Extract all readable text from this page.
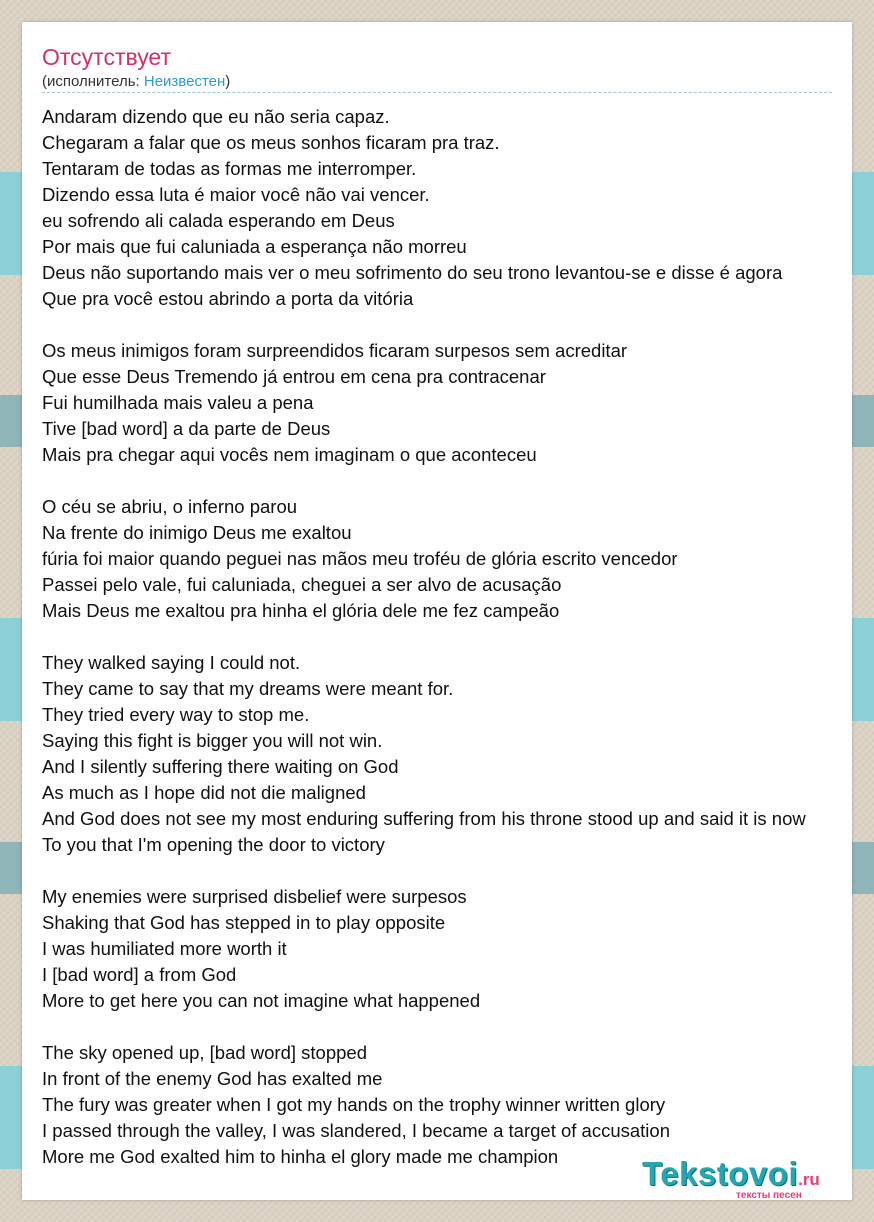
Отсутствует
(исполнитель: Неизвестен)
Andaram dizendo que eu não seria capaz.
Chegaram a falar que os meus sonhos ficaram pra traz.
Tentaram de todas as formas me interromper.
Dizendo essa luta é maior você não vai vencer.
eu sofrendo ali calada esperando em Deus
Por mais que fui caluniada a esperança não morreu
Deus não suportando mais ver o meu sofrimento do seu trono levantou-se e disse é agora
Que pra você estou abrindo a porta da vitória
Os meus inimigos foram surpreendidos ficaram surpesos sem acreditar
Que esse Deus Tremendo já entrou em cena pra contracenar
Fui humilhada mais valeu a pena
Tive [bad word] a da parte de Deus
Mais pra chegar aqui vocês nem imaginam o que aconteceu
O céu se abriu, o inferno parou
Na frente do inimigo Deus me exaltou
fúria foi maior quando peguei nas mãos meu troféu de glória escrito vencedor
Passei pelo vale, fui caluniada, cheguei a ser alvo de acusação
Mais Deus me exaltou pra hinha el glória dele me fez campeão
They walked saying I could not.
They came to say that my dreams were meant for.
They tried every way to stop me.
Saying this fight is bigger you will not win.
And I silently suffering there waiting on God
As much as I hope did not die maligned
And God does not see my most enduring suffering from his throne stood up and said it is now
To you that I'm opening the door to victory
My enemies were surprised disbelief were surpesos
Shaking that God has stepped in to play opposite
I was humiliated more worth it
I [bad word] a from God
More to get here you can not imagine what happened
The sky opened up, [bad word] stopped
In front of the enemy God has exalted me
The fury was greater when I got my hands on the trophy winner written glory
I passed through the valley, I was slandered, I became a target of accusation
More me God exalted him to hinha el glory made me champion	Tekstovoi.ru
тексты песен
